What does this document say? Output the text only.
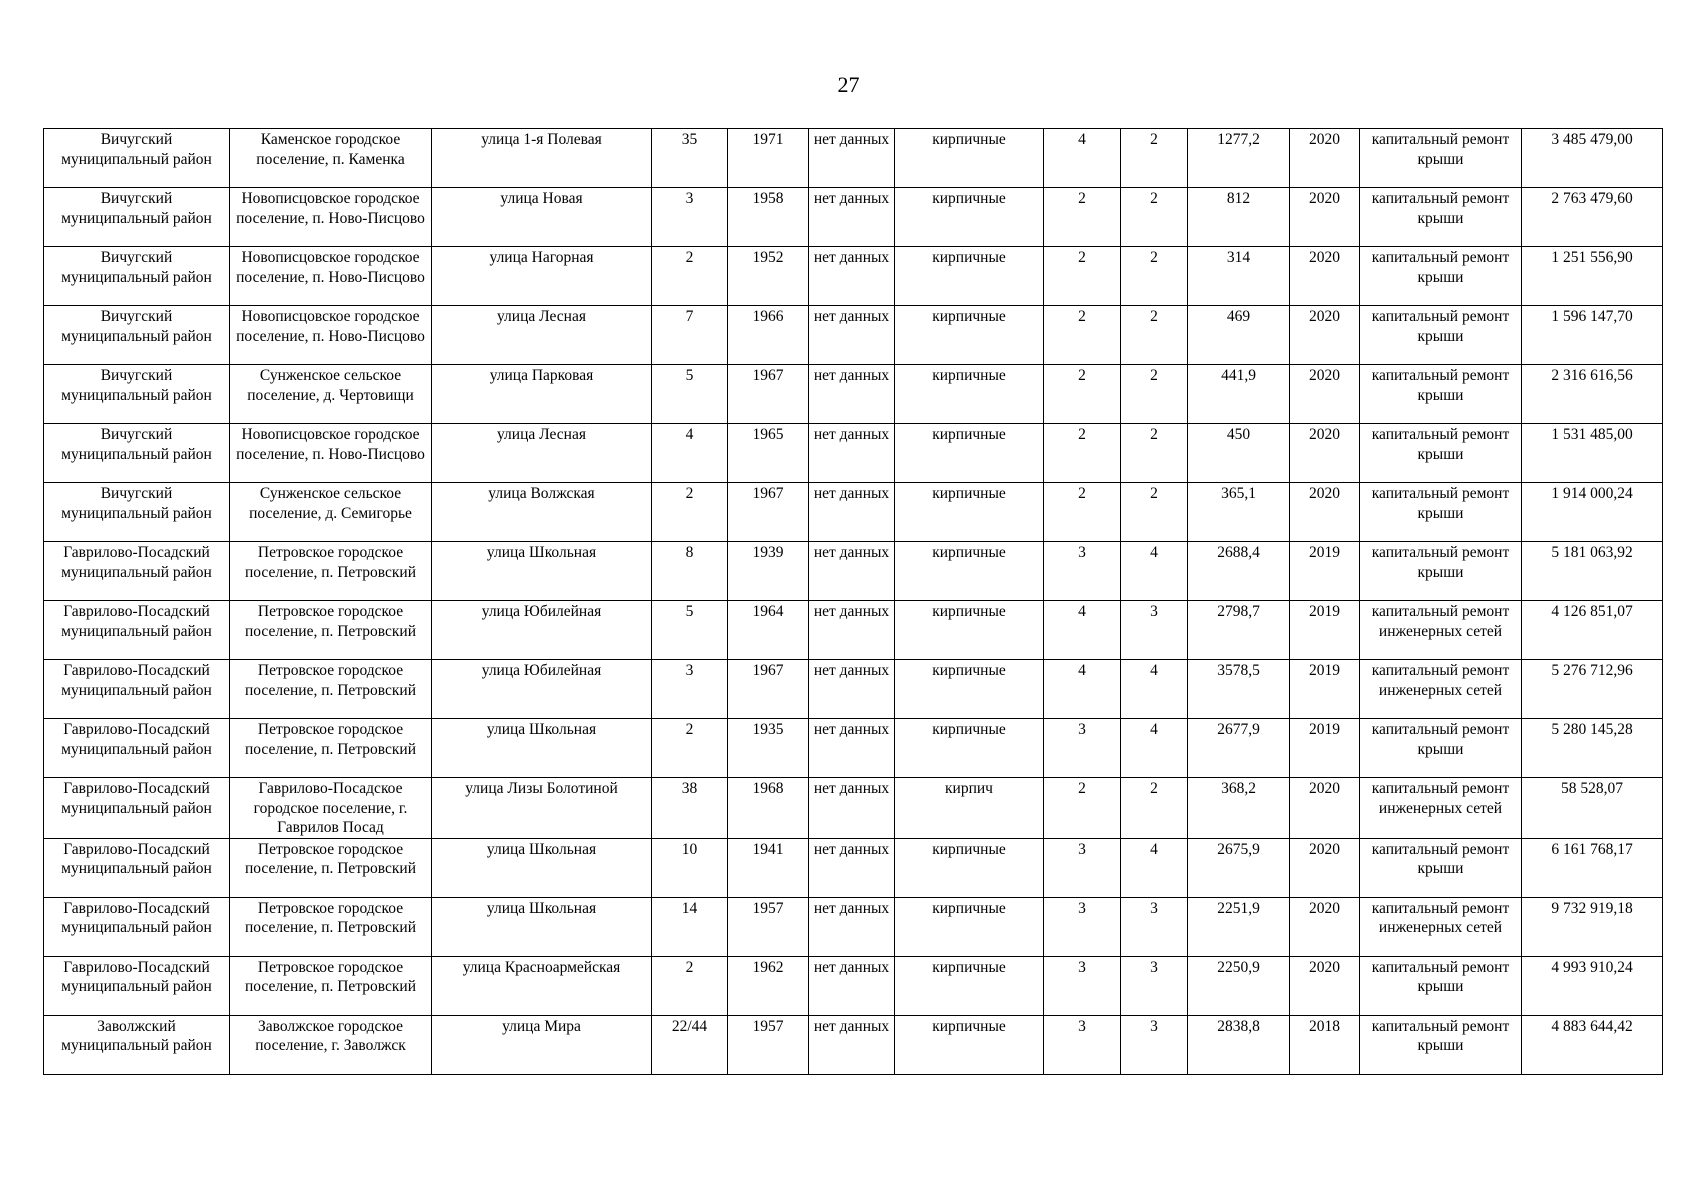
27
Вичугский муниципальный район	Каменское городское поселение, п. Каменка	улица 1-я Полевая	35	1971	нет данных	кирпичные	4	2	1277,2	2020	капитальный ремонт крыши	3 485 479,00
Вичугский муниципальный район	Новописцовское городское поселение, п. Ново-Писцово	улица Новая	3	1958	нет данных	кирпичные	2	2	812	2020	капитальный ремонт крыши	2 763 479,60
Вичугский муниципальный район	Новописцовское городское поселение, п. Ново-Писцово	улица Нагорная	2	1952	нет данных	кирпичные	2	2	314	2020	капитальный ремонт крыши	1 251 556,90
Вичугский муниципальный район	Новописцовское городское поселение, п. Ново-Писцово	улица Лесная	7	1966	нет данных	кирпичные	2	2	469	2020	капитальный ремонт крыши	1 596 147,70
Вичугский муниципальный район	Сунженское сельское поселение, д. Чертовищи	улица Парковая	5	1967	нет данных	кирпичные	2	2	441,9	2020	капитальный ремонт крыши	2 316 616,56
Вичугский муниципальный район	Новописцовское городское поселение, п. Ново-Писцово	улица Лесная	4	1965	нет данных	кирпичные	2	2	450	2020	капитальный ремонт крыши	1 531 485,00
Вичугский муниципальный район	Сунженское сельское поселение, д. Семигорье	улица Волжская	2	1967	нет данных	кирпичные	2	2	365,1	2020	капитальный ремонт крыши	1 914 000,24
Гаврилово-Посадский муниципальный район	Петровское городское поселение, п. Петровский	улица Школьная	8	1939	нет данных	кирпичные	3	4	2688,4	2019	капитальный ремонт крыши	5 181 063,92
Гаврилово-Посадский муниципальный район	Петровское городское поселение, п. Петровский	улица Юбилейная	5	1964	нет данных	кирпичные	4	3	2798,7	2019	капитальный ремонт инженерных сетей	4 126 851,07
Гаврилово-Посадский муниципальный район	Петровское городское поселение, п. Петровский	улица Юбилейная	3	1967	нет данных	кирпичные	4	4	3578,5	2019	капитальный ремонт инженерных сетей	5 276 712,96
Гаврилово-Посадский муниципальный район	Петровское городское поселение, п. Петровский	улица Школьная	2	1935	нет данных	кирпичные	3	4	2677,9	2019	капитальный ремонт крыши	5 280 145,28
Гаврилово-Посадский муниципальный район	Гаврилово-Посадское городское поселение, г. Гаврилов Посад	улица Лизы Болотиной	38	1968	нет данных	кирпич	2	2	368,2	2020	капитальный ремонт инженерных сетей	58 528,07
Гаврилово-Посадский муниципальный район	Петровское городское поселение, п. Петровский	улица Школьная	10	1941	нет данных	кирпичные	3	4	2675,9	2020	капитальный ремонт крыши	6 161 768,17
Гаврилово-Посадский муниципальный район	Петровское городское поселение, п. Петровский	улица Школьная	14	1957	нет данных	кирпичные	3	3	2251,9	2020	капитальный ремонт инженерных сетей	9 732 919,18
Гаврилово-Посадский муниципальный район	Петровское городское поселение, п. Петровский	улица Красноармейская	2	1962	нет данных	кирпичные	3	3	2250,9	2020	капитальный ремонт крыши	4 993 910,24
Заволжский муниципальный район	Заволжское городское поселение, г. Заволжск	улица Мира	22/44	1957	нет данных	кирпичные	3	3	2838,8	2018	капитальный ремонт крыши	4 883 644,42
